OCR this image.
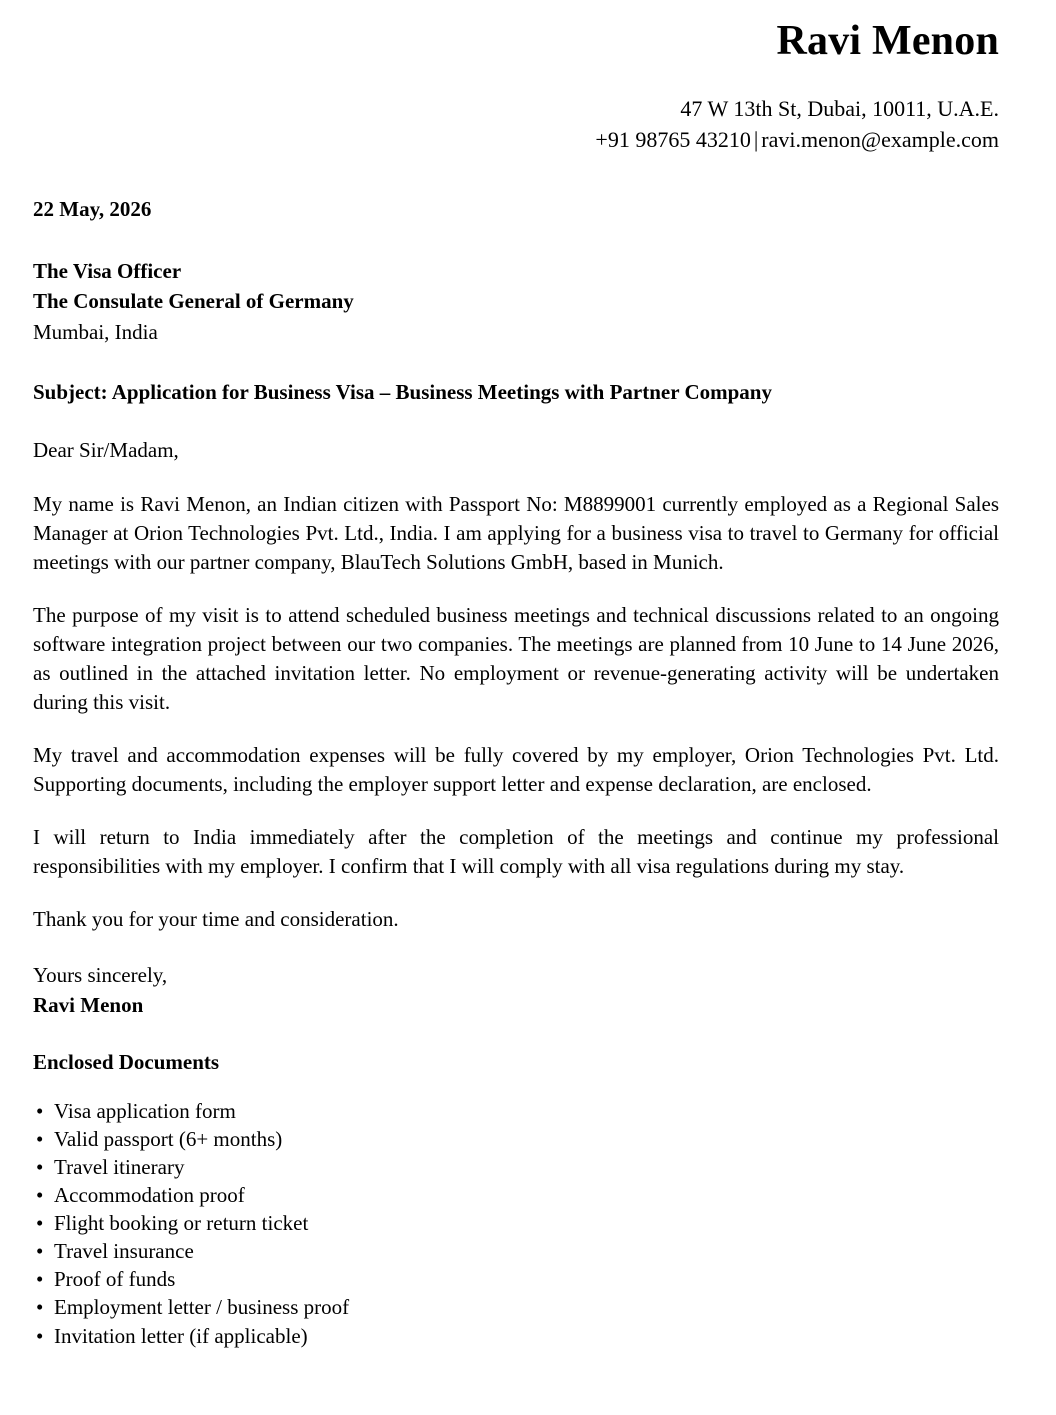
Ravi Menon
47 W 13th St, Dubai, 10011, U.A.E.
+91 98765 43210 | ravi.menon@example.com
22 May, 2026
The Visa Officer
The Consulate General of Germany
Mumbai, India
Subject: Application for Business Visa – Business Meetings with Partner Company
Dear Sir/Madam,

My name is Ravi Menon, an Indian citizen with Passport No: M8899001 currently employed as a Regional Sales Manager at Orion Technologies Pvt. Ltd., India. I am applying for a business visa to travel to Germany for official meetings with our partner company, BlauTech Solutions GmbH, based in Munich.

The purpose of my visit is to attend scheduled business meetings and technical discussions related to an ongoing software integration project between our two companies. The meetings are planned from 10 June to 14 June 2026, as outlined in the attached invitation letter. No employment or revenue-generating activity will be undertaken during this visit.

My travel and accommodation expenses will be fully covered by my employer, Orion Technologies Pvt. Ltd. Supporting documents, including the employer support letter and expense declaration, are enclosed.

I will return to India immediately after the completion of the meetings and continue my professional responsibilities with my employer. I confirm that I will comply with all visa regulations during my stay.

Thank you for your time and consideration.

Yours sincerely,
Ravi Menon
Enclosed Documents
• Visa application form
• Valid passport (6+ months)
• Travel itinerary
• Accommodation proof
• Flight booking or return ticket
• Travel insurance
• Proof of funds
• Employment letter / business proof
• Invitation letter (if applicable)
